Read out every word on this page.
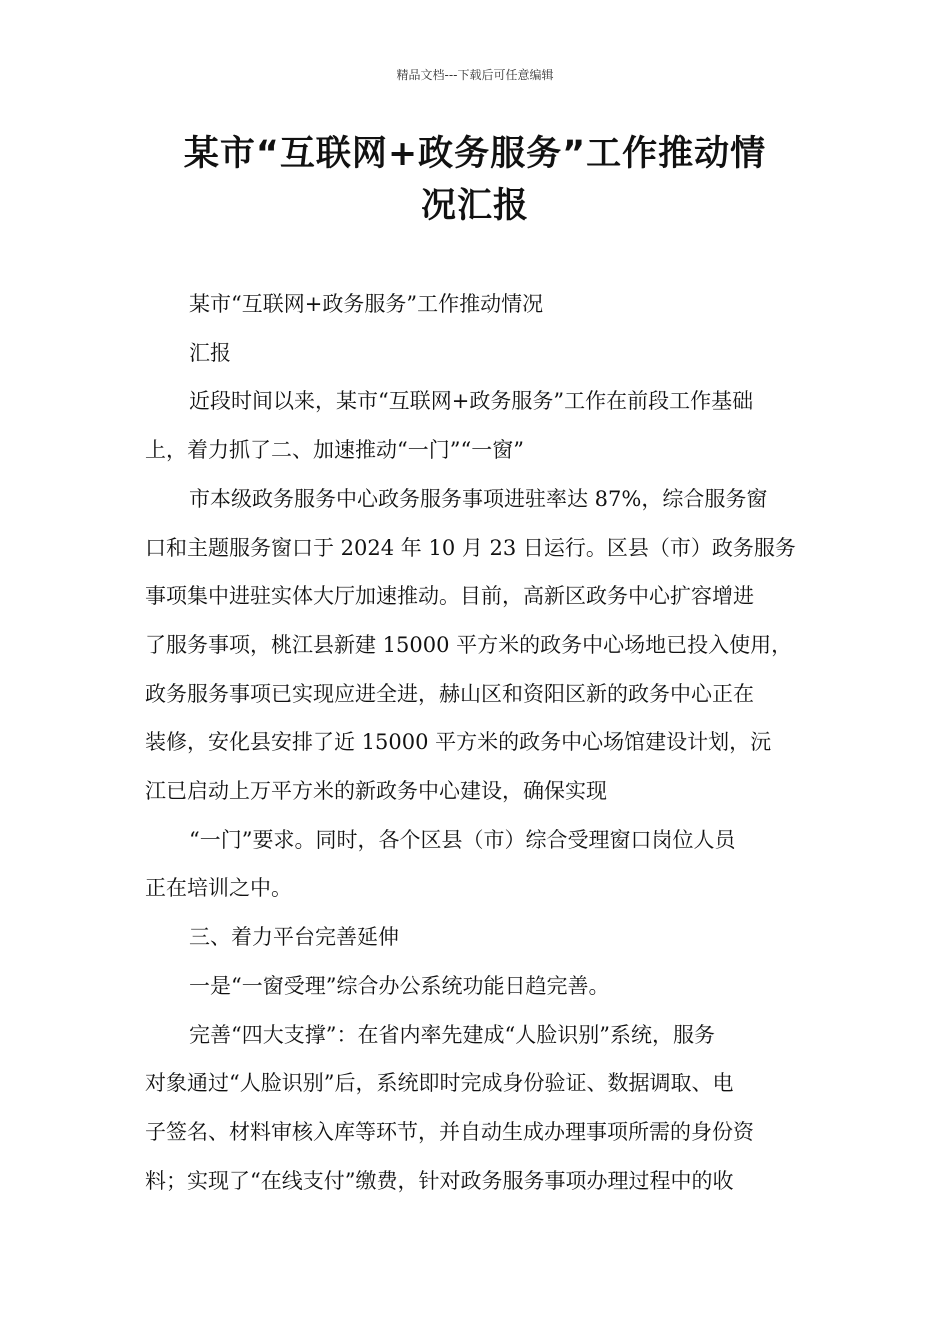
精品文档---下载后可任意编辑
某市“互联网+政务服务”工作推动情
况汇报

某市“互联网+政务服务”工作推动情况

汇报

近段时间以来，某市“互联网+政务服务”工作在前段工作基础
上，着力抓了二、加速推动“一门”“一窗”

市本级政务服务中心政务服务事项进驻率达 87%，综合服务窗
口和主题服务窗口于 2024 年 10 月 23 日运行。区县（市）政务服务
事项集中进驻实体大厅加速推动。目前，高新区政务中心扩容增进
了服务事项，桃江县新建 15000 平方米的政务中心场地已投入使用，
政务服务事项已实现应进全进，赫山区和资阳区新的政务中心正在
装修，安化县安排了近 15000 平方米的政务中心场馆建设计划，沅
江已启动上万平方米的新政务中心建设，确保实现

“一门”要求。同时，各个区县（市）综合受理窗口岗位人员
正在培训之中。

三、着力平台完善延伸

一是“一窗受理”综合办公系统功能日趋完善。

完善“四大支撑”：在省内率先建成“人脸识别”系统，服务
对象通过“人脸识别”后，系统即时完成身份验证、数据调取、电
子签名、材料审核入库等环节，并自动生成办理事项所需的身份资
料；实现了“在线支付”缴费，针对政务服务事项办理过程中的收
